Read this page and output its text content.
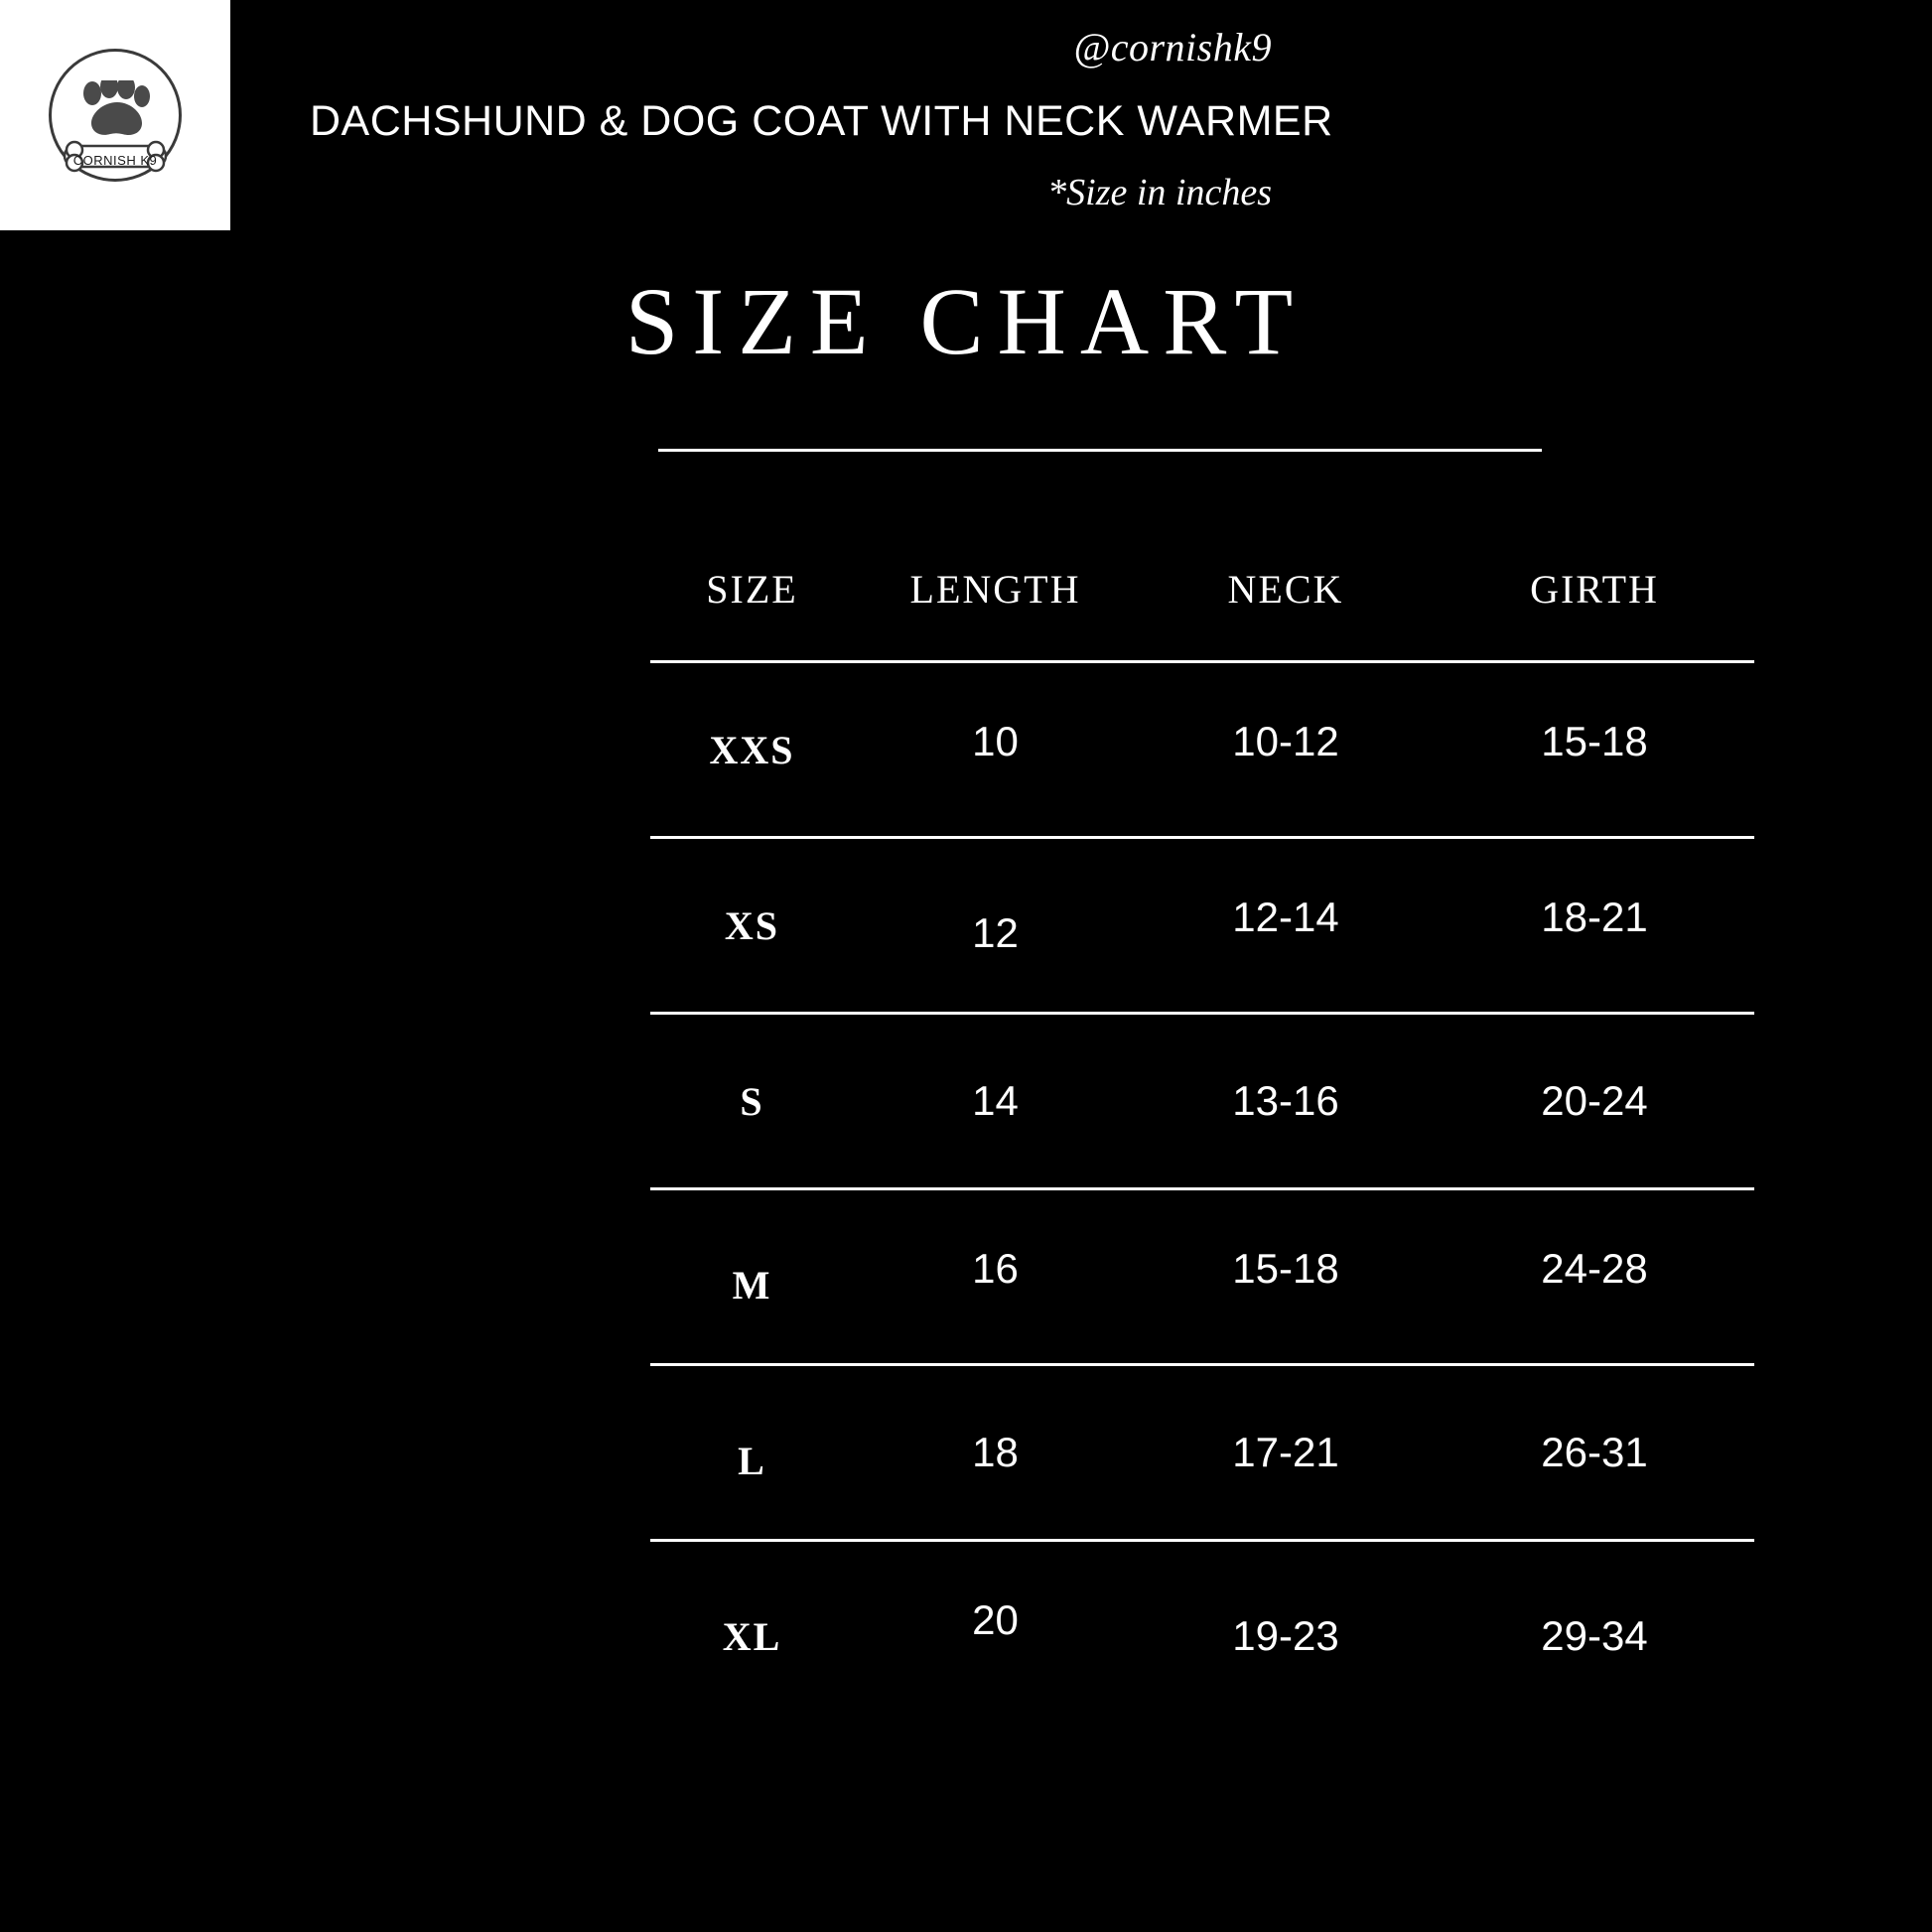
CORNISH K9
@cornishk9
DACHSHUND & DOG COAT WITH NECK WARMER
*Size in inches
SIZE CHART
SIZE	LENGTH	NECK	GIRTH
XXS	10	10-12	15-18
XS	12	12-14	18-21
S	14	13-16	20-24
M	16	15-18	24-28
L	18	17-21	26-31
XL	20	19-23	29-34
